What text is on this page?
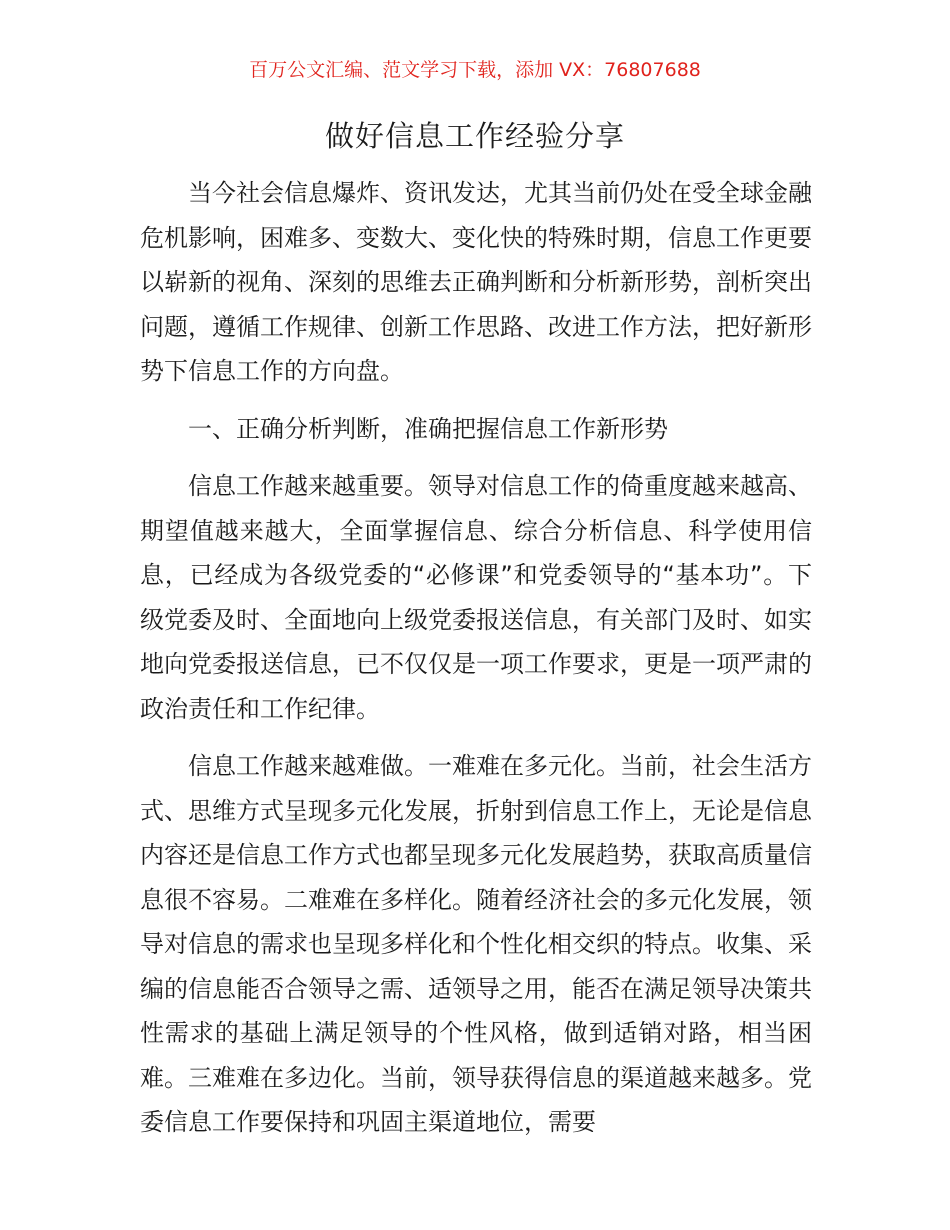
百万公文汇编、范文学习下载，添加 VX：76807688
做好信息工作经验分享

当今社会信息爆炸、资讯发达，尤其当前仍处在受全球金融危机影响，困难多、变数大、变化快的特殊时期，信息工作更要以崭新的视角、深刻的思维去正确判断和分析新形势，剖析突出问题，遵循工作规律、创新工作思路、改进工作方法，把好新形势下信息工作的方向盘。

一、正确分析判断，准确把握信息工作新形势

信息工作越来越重要。领导对信息工作的倚重度越来越高、期望值越来越大，全面掌握信息、综合分析信息、科学使用信息，已经成为各级党委的“必修课”和党委领导的“基本功”。下级党委及时、全面地向上级党委报送信息，有关部门及时、如实地向党委报送信息，已不仅仅是一项工作要求，更是一项严肃的政治责任和工作纪律。

信息工作越来越难做。一难难在多元化。当前，社会生活方式、思维方式呈现多元化发展，折射到信息工作上，无论是信息内容还是信息工作方式也都呈现多元化发展趋势，获取高质量信息很不容易。二难难在多样化。随着经济社会的多元化发展，领导对信息的需求也呈现多样化和个性化相交织的特点。收集、采编的信息能否合领导之需、适领导之用，能否在满足领导决策共性需求的基础上满足领导的个性风格，做到适销对路，相当困难。三难难在多边化。当前，领导获得信息的渠道越来越多。党委信息工作要保持和巩固主渠道地位，需要
